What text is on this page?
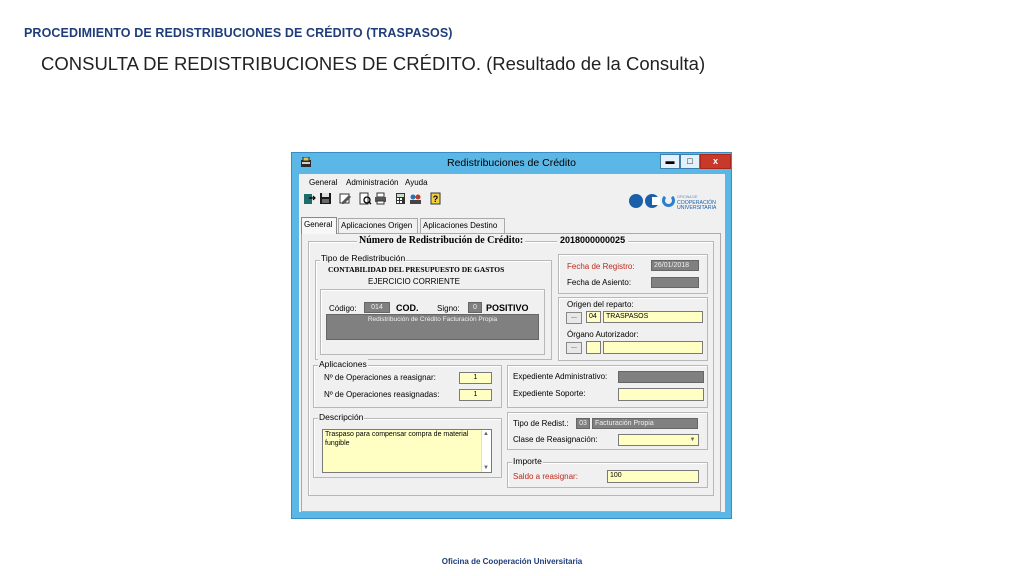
PROCEDIMIENTO DE REDISTRIBUCIONES DE CRÉDITO (TRASPASOS)
CONSULTA DE REDISTRIBUCIONES DE CRÉDITO. (Resultado de la Consulta)
Redistribuciones de Crédito	▬	□	x
General Administración Ayuda
?	OFICINA DE
COOPERACIÓN
UNIVERSITARIA
General	Aplicaciones Origen	Aplicaciones Destino
Número de Redistribución de Crédito:	2018000000025
Tipo de Redistribución
CONTABILIDAD DEL PRESUPUESTO DE GASTOS
EJERCICIO CORRIENTE
Código:	014	COD. Signo:	0	POSITIVO
Redistribución de Crédito Facturación Propia
Fecha de Registro:	26/01/2018
Fecha de Asiento:
Origen del reparto:
...	04	TRASPASOS
Órgano Autorizador:
...
Aplicaciones
Nº de Operaciones a reasignar:	1
Nº de Operaciones reasignadas:	1
Expediente Administrativo:
Expediente Soporte:
Descripción
Traspaso para compensar compra de material fungible
▲
▼
Tipo de Redist.:	03	Facturación Propia
Clase de Reasignación:	▼
Importe
Saldo a reasignar:	100
Oficina de Cooperación Universitaria
